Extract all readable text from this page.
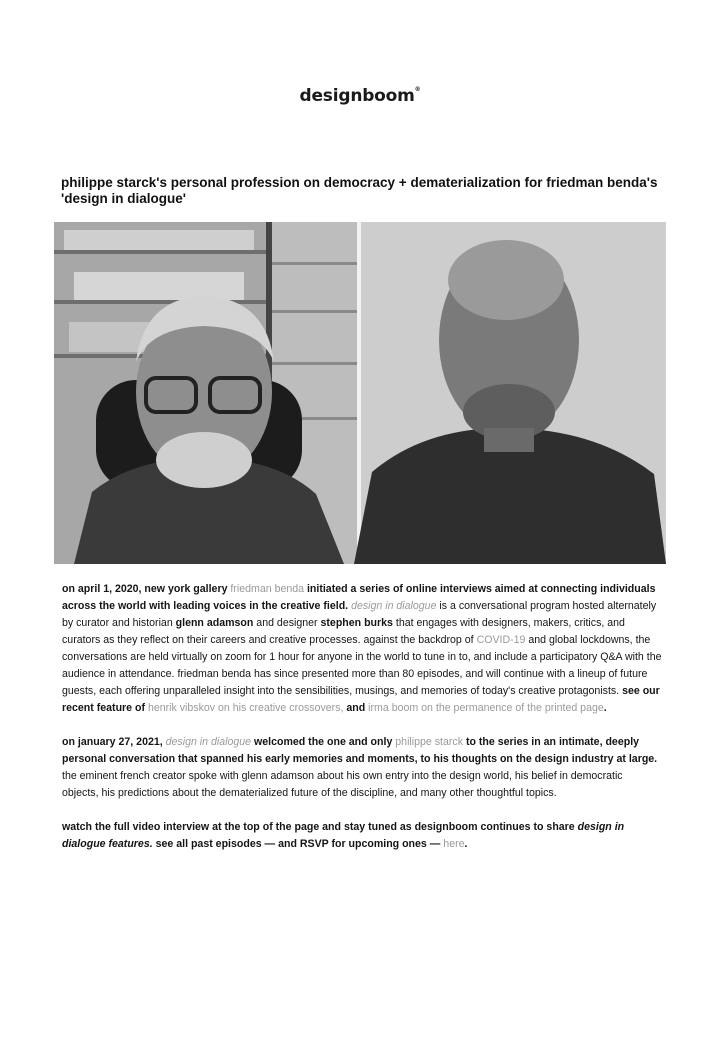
designboom®
philippe starck's personal profession on democracy + dematerialization for friedman benda's 'design in dialogue'

on april 1, 2020, new york gallery friedman benda initiated a series of online interviews aimed at connecting individuals across the world with leading voices in the creative field. design in dialogue is a conversational program hosted alternately by curator and historian glenn adamson and designer stephen burks that engages with designers, makers, critics, and curators as they reflect on their careers and creative processes. against the backdrop of COVID-19 and global lockdowns, the conversations are held virtually on zoom for 1 hour for anyone in the world to tune in to, and include a participatory Q&A with the audience in attendance. friedman benda has since presented more than 80 episodes, and will continue with a lineup of future guests, each offering unparalleled insight into the sensibilities, musings, and memories of today's creative protagonists. see our recent feature of henrik vibskov on his creative crossovers, and irma boom on the permanence of the printed page.

on january 27, 2021, design in dialogue welcomed the one and only philippe starck to the series in an intimate, deeply personal conversation that spanned his early memories and moments, to his thoughts on the design industry at large. the eminent french creator spoke with glenn adamson about his own entry into the design world, his belief in democratic objects, his predictions about the dematerialized future of the discipline, and many other thoughtful topics.

watch the full video interview at the top of the page and stay tuned as designboom continues to share design in dialogue features. see all past episodes — and RSVP for upcoming ones — here.
